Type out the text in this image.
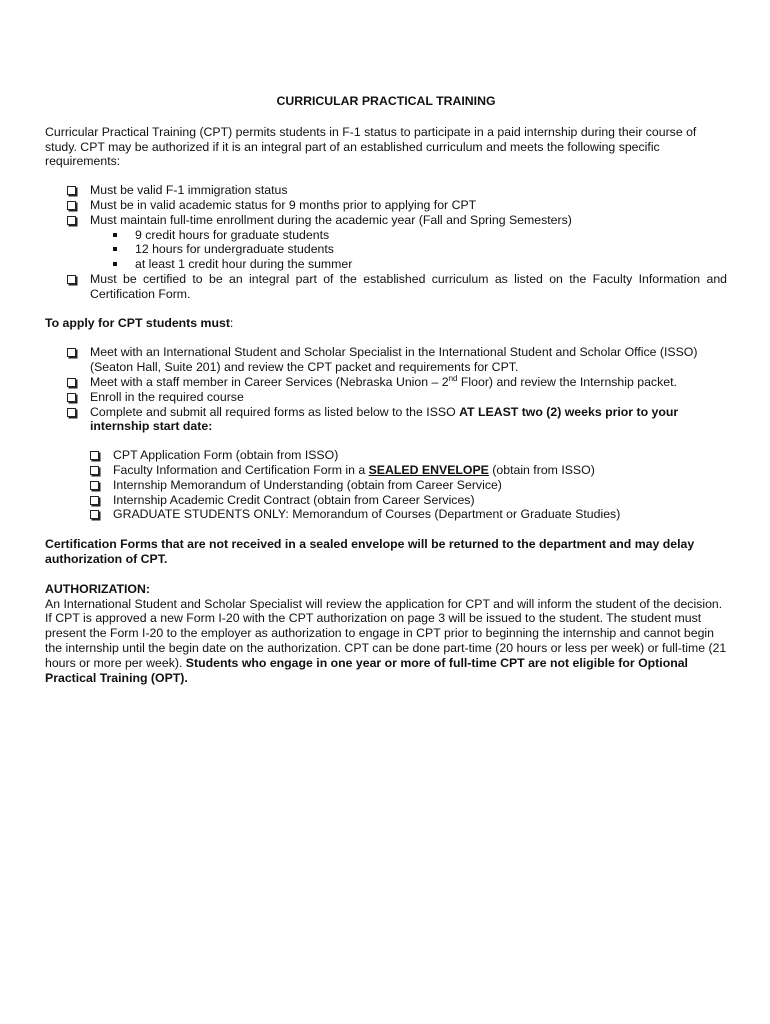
CURRICULAR PRACTICAL TRAINING

Curricular Practical Training (CPT) permits students in F-1 status to participate in a paid internship during their course of study. CPT may be authorized if it is an integral part of an established curriculum and meets the following specific requirements:

Must be valid F-1 immigration status
Must be in valid academic status for 9 months prior to applying for CPT
Must maintain full-time enrollment during the academic year (Fall and Spring Semesters)
9 credit hours for graduate students
12 hours for undergraduate students
at least 1 credit hour during the summer
Must be certified to be an integral part of the established curriculum as listed on the Faculty Information and Certification Form.

To apply for CPT students must:

Meet with an International Student and Scholar Specialist in the International Student and Scholar Office (ISSO) (Seaton Hall, Suite 201) and review the CPT packet and requirements for CPT.
Meet with a staff member in Career Services (Nebraska Union – 2nd Floor) and review the Internship packet.
Enroll in the required course
Complete and submit all required forms as listed below to the ISSO AT LEAST two (2) weeks prior to your internship start date:
CPT Application Form (obtain from ISSO)
Faculty Information and Certification Form in a SEALED ENVELOPE (obtain from ISSO)
Internship Memorandum of Understanding (obtain from Career Service)
Internship Academic Credit Contract (obtain from Career Services)
GRADUATE STUDENTS ONLY: Memorandum of Courses (Department or Graduate Studies)

Certification Forms that are not received in a sealed envelope will be returned to the department and may delay authorization of CPT.

AUTHORIZATION:

An International Student and Scholar Specialist will review the application for CPT and will inform the student of the decision. If CPT is approved a new Form I-20 with the CPT authorization on page 3 will be issued to the student. The student must present the Form I-20 to the employer as authorization to engage in CPT prior to beginning the internship and cannot begin the internship until the begin date on the authorization. CPT can be done part-time (20 hours or less per week) or full-time (21 hours or more per week). Students who engage in one year or more of full-time CPT are not eligible for Optional Practical Training (OPT).
